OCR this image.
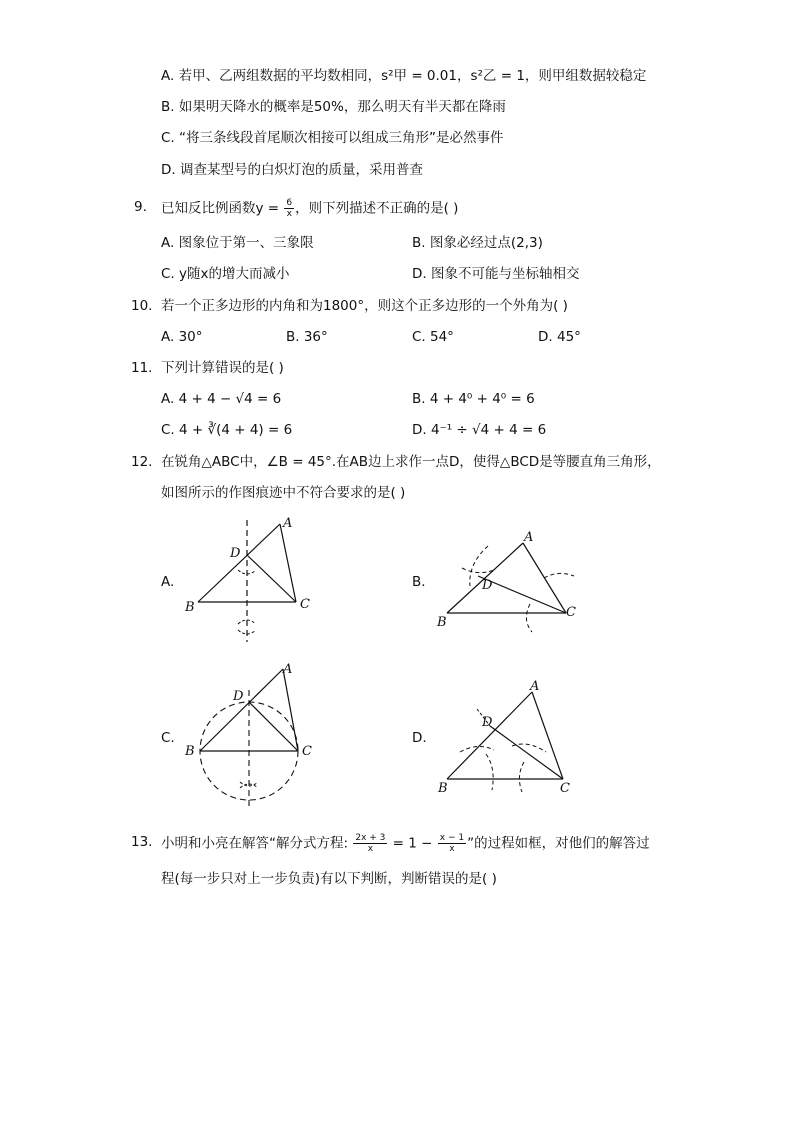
A. 若甲、乙两组数据的平均数相同，s²甲 = 0.01，s²乙 = 1，则甲组数据较稳定
B. 如果明天降水的概率是50%，那么明天有半天都在降雨
C. “将三条线段首尾顺次相接可以组成三角形”是必然事件
D. 调查某型号的白炽灯泡的质量，采用普查
9. 已知反比例函数$y = \frac{6}{x}$ ，则下列描述不正确的是( )
A. 图象位于第一、三象限	B. 图象必经过点(2,3)
C. y随x的增大而减小	D. 图象不可能与坐标轴相交
10. 若一个正多边形的内角和为1800°，则这个正多边形的一个外角为( )
A. 30°	B. 36°	C. 54°	D. 45°
11. 下列计算错误的是( )
A. 4 + 4 − √4 = 6	B. 4 + 4⁰ + 4⁰ = 6
C. 4 + ∛(4 + 4) = 6	D. 4⁻¹ ÷ √4 + 4 = 6
12. 在锐角△ABC中，∠B = 45°.在AB边上求作一点D，使得△BCD是等腰直角三角形，
如图所示的作图痕迹中不符合要求的是( )
A.	B.
C.	D.
A
B	C
D
A
B
C
D
A
B	C
D
A
B	C
D
13. 小明和小亮在解答“解分式方程: $\frac{2x + 3}{x} = 1 - \frac{x - 1}{x}$ ”的过程如框，对他们的解答过
程(每一步只对上一步负责)有以下判断，判断错误的是( )
